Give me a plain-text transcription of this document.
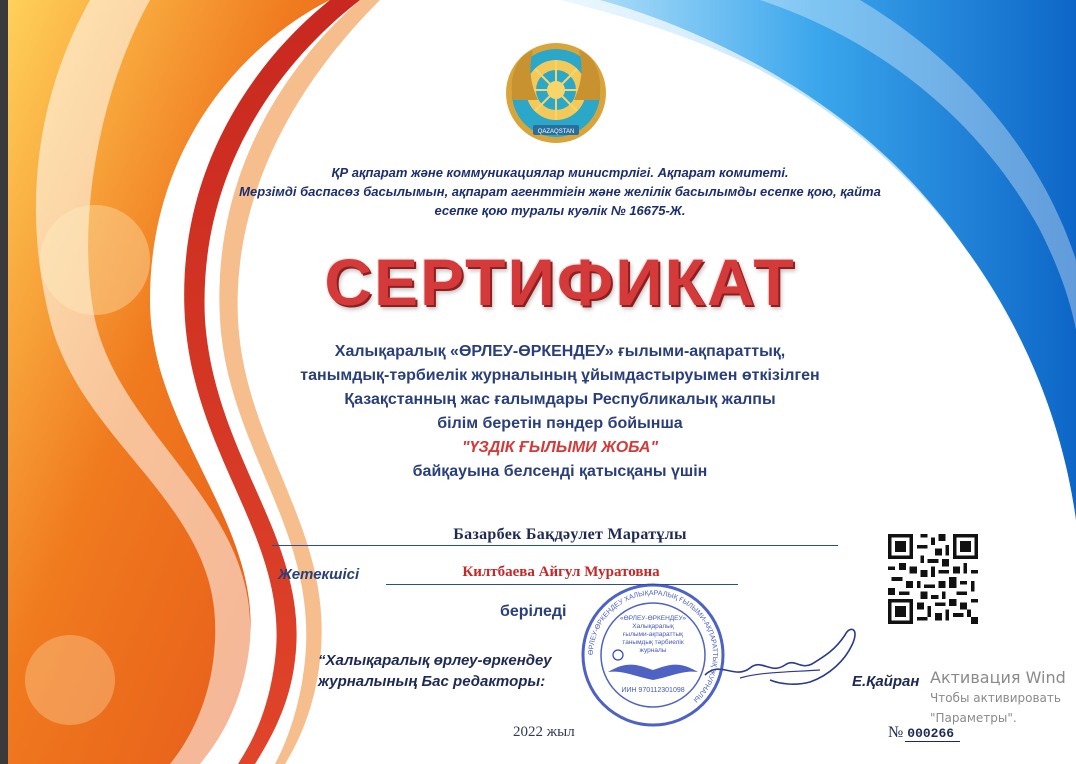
QAZAQSTAN
ҚР ақпарат және коммуникациялар министрлігі. Ақпарат комитеті.
Мерзімді баспасөз басылымын, ақпарат агенттігін және желілік басылымды есепке қою, қайта
есепке қою туралы куәлік № 16675-Ж.
СЕРТИФИКАТ
Халықаралық «ӨРЛЕУ-ӨРКЕНДЕУ» ғылыми-ақпараттық,
танымдық-тәрбиелік журналының ұйымдастыруымен өткізілген
Қазақстанның жас ғалымдары Республикалық жалпы
білім беретін пәндер бойынша
"ҮЗДІК ҒЫЛЫМИ ЖОБА"
байқауына белсенді қатысқаны үшін
Базарбек Бақдәулет Маратұлы
Жетекшісі	Килтбаева Айгул Муратовна
беріледі
“Халықаралық өрлеу-өркендеу
журналының Бас редакторы:	Е.Қайран
ӨРЛЕУ-ӨРКЕНДЕУ ХАЛЫҚАРАЛЫҚ ҒЫЛЫМИ-АҚПАРАТТЫҚ ЖУРНАЛЫ
«ӨРЛЕУ-ӨРКЕНДЕУ»
Халықаралық
ғылыми-ақпараттық
танымдық тәрбиелік
журналы
ИИН 970112301098
2022 жыл	№ 000266
Активация Wind
Чтобы активировать
"Параметры".
